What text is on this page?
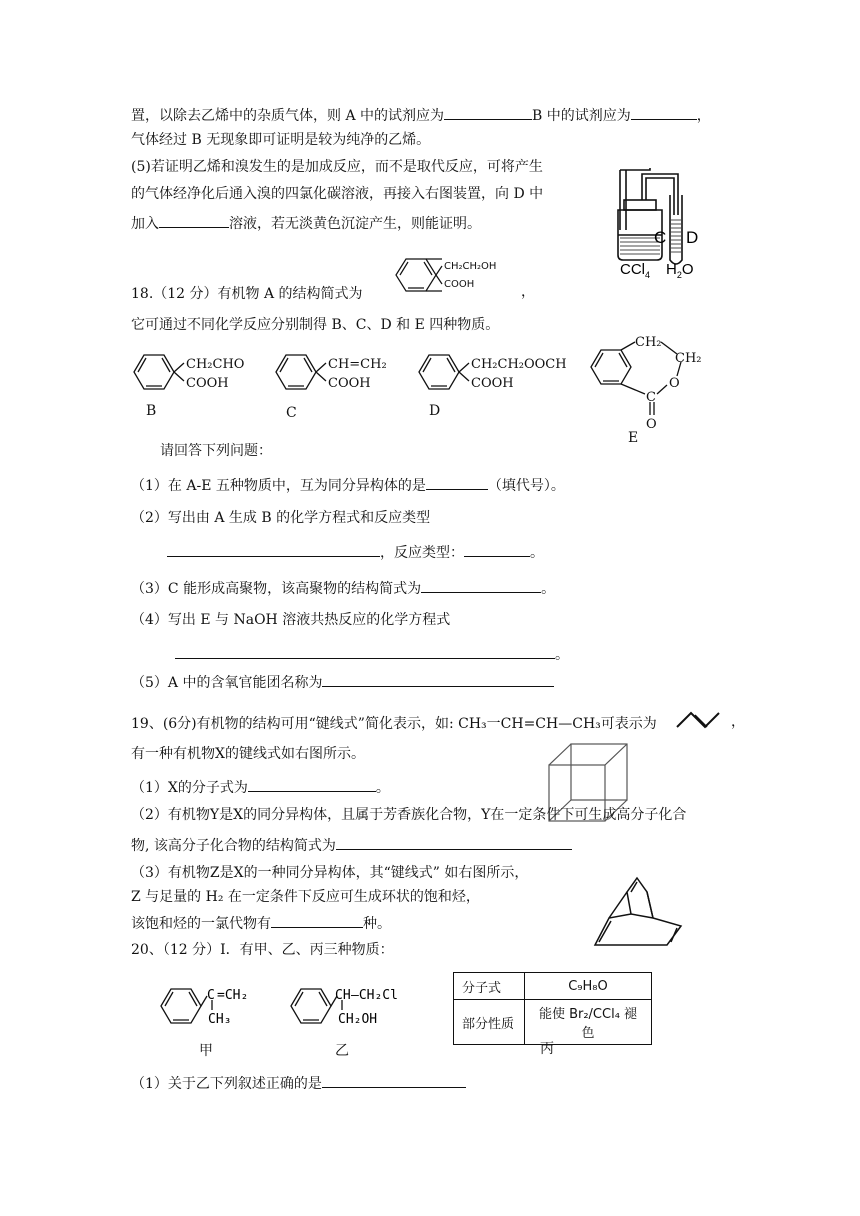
置，以除去乙烯中的杂质气体，则 A 中的试剂应为	B 中的试剂应为	，
气体经过 B 无现象即可证明是较为纯净的乙烯。
(5)若证明乙烯和溴发生的是加成反应，而不是取代反应，可将产生
的气体经净化后通入溴的四氯化碳溶液，再接入右图装置，向 D 中
加入	溶液，若无淡黄色沉淀产生，则能证明。
C D
CCl$_4$ $H_2O$
18.（12 分）有机物 A 的结构简式为	，
CH₂CH₂OH
COOH
它可通过不同化学反应分别制得 B、C、D 和 E 四种物质。
CH₂CHO
COOH
B
CH=CH₂
COOH
C
CH₂CH₂OOCH
COOH
D
CH₂
CH₂
O
C
O
E
请回答下列问题：
（1）在 A-E 五种物质中，互为同分异构体的是	（填代号）。
（2）写出由 A 生成 B 的化学方程式和反应类型
，反应类型：	。
（3）C 能形成高聚物，该高聚物的结构简式为	。
（4）写出 E 与 NaOH 溶液共热反应的化学方程式
。
（5）A 中的含氧官能团名称为
19、(6分)有机物的结构可用“键线式”简化表示，如: CH₃一CH=CH—CH₃可表示为	，
有一种有机物X的键线式如右图所示。
（1）X的分子式为	。
（2）有机物Y是X的同分异构体，且属于芳香族化合物，Y在一定条件下可生成高分子化合
物, 该高分子化合物的结构简式为
（3）有机物Z是X的一种同分异构体，其“键线式” 如右图所示，
Z 与足量的 H₂ 在一定条件下反应可生成环状的饱和烃，
该饱和烃的一氯代物有	种。
20、（12 分）I．有甲、乙、丙三种物质：
C =CH₂
CH₃
甲
CH —CH₂Cl
CH₂OH
乙
分子式	C₉H₈O
部分性质	能使 Br₂/CCl₄ 褪色
丙
（1）关于乙下列叙述正确的是
